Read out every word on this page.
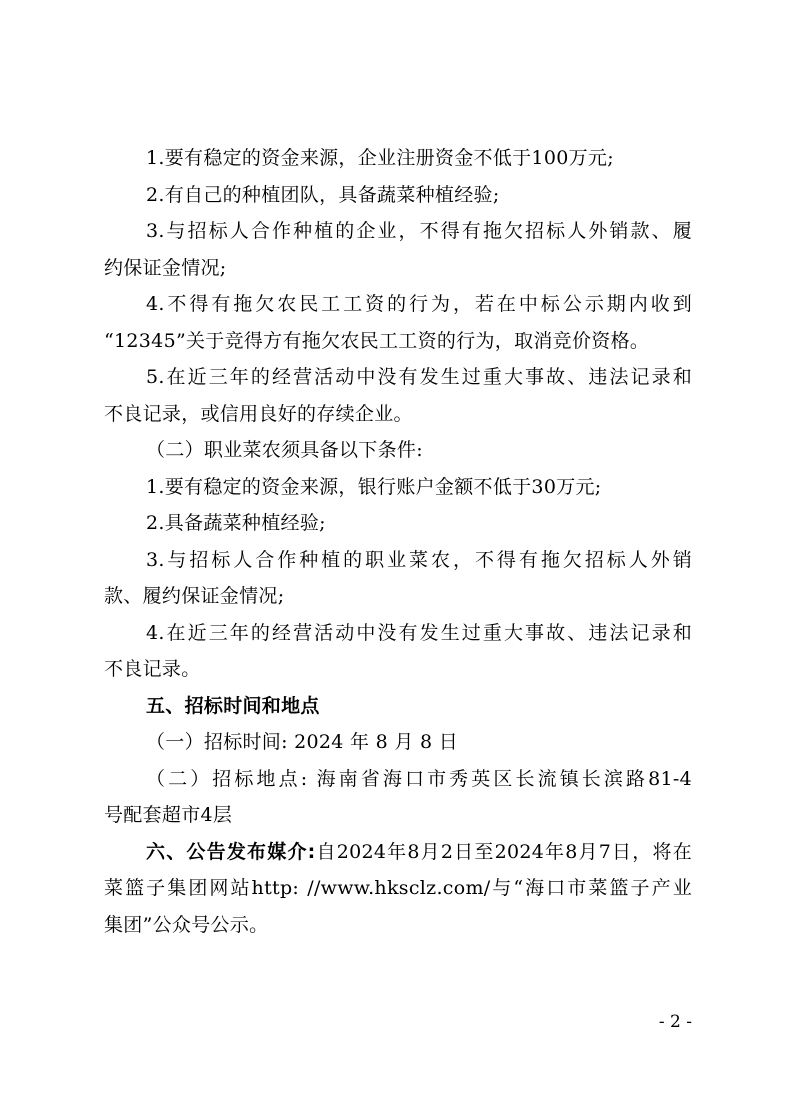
1.要有稳定的资金来源，企业注册资金不低于100万元;

2.有自己的种植团队，具备蔬菜种植经验;

3.与招标人合作种植的企业，不得有拖欠招标人外销款、履

约保证金情况;

4.不得有拖欠农民工工资的行为，若在中标公示期内收到

“12345”关于竞得方有拖欠农民工工资的行为，取消竞价资格。

5.在近三年的经营活动中没有发生过重大事故、违法记录和

不良记录，或信用良好的存续企业。

（二）职业菜农须具备以下条件:

1.要有稳定的资金来源，银行账户金额不低于30万元;

2.具备蔬菜种植经验;

3.与招标人合作种植的职业菜农，不得有拖欠招标人外销

款、履约保证金情况;

4.在近三年的经营活动中没有发生过重大事故、违法记录和

不良记录。

五、招标时间和地点

（一）招标时间: 2024 年 8 月 8 日

（二）招标地点: 海南省海口市秀英区长流镇长滨路81-4

号配套超市4层

六、公告发布媒介:自2024年8月2日至2024年8月7日，将在

菜篮子集团网站http: //www.hksclz.com/与“海口市菜篮子产业

集团”公众号公示。

- 2 -
